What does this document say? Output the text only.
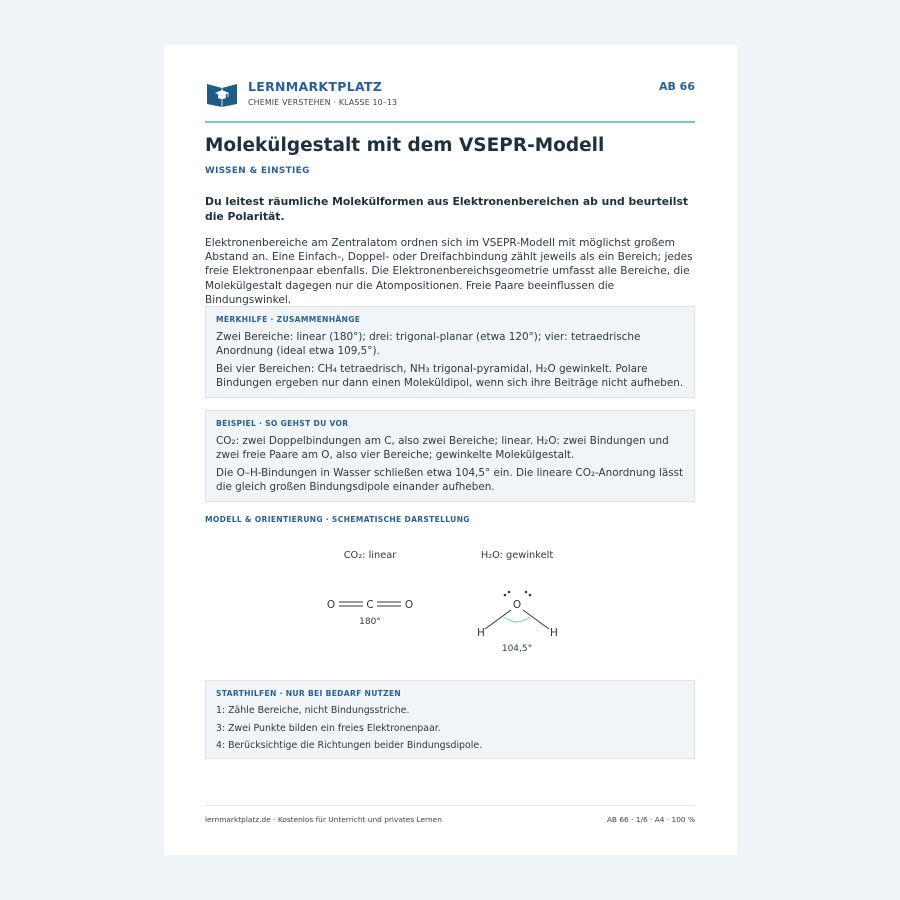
LERNMARKTPLATZ
CHEMIE VERSTEHEN · KLASSE 10–13
AB 66
Molekülgestalt mit dem VSEPR-Modell
WISSEN & EINSTIEG
Du leitest räumliche Molekülformen aus Elektronenbereichen ab und beurteilst die Polarität.
Elektronenbereiche am Zentralatom ordnen sich im VSEPR-Modell mit möglichst großem Abstand an. Eine Einfach-, Doppel- oder Dreifachbindung zählt jeweils als ein Bereich; jedes freie Elektronenpaar ebenfalls. Die Elektronenbereichsgeometrie umfasst alle Bereiche, die Molekülgestalt dagegen nur die Atompositionen. Freie Paare beeinflussen die Bindungswinkel.
MERKHILFE · ZUSAMMENHÄNGE

Zwei Bereiche: linear (180°); drei: trigonal-planar (etwa 120°); vier: tetraedrische Anordnung (ideal etwa 109,5°).

Bei vier Bereichen: CH₄ tetraedrisch, NH₃ trigonal-pyramidal, H₂O gewinkelt. Polare Bindungen ergeben nur dann einen Moleküldipol, wenn sich ihre Beiträge nicht aufheben.

BEISPIEL · SO GEHST DU VOR

CO₂: zwei Doppelbindungen am C, also zwei Bereiche; linear. H₂O: zwei Bindungen und zwei freie Paare am O, also vier Bereiche; gewinkelte Molekülgestalt.

Die O–H-Bindungen in Wasser schließen etwa 104,5° ein. Die lineare CO₂-Anordnung lässt die gleich großen Bindungsdipole einander aufheben.

MODELL & ORIENTIERUNG · SCHEMATISCHE DARSTELLUNG
CO₂: linear
O	C	O
180°
H₂O: gewinkelt
O
H	H
104,5°
STARTHILFEN · NUR BEI BEDARF NUTZEN

1: Zähle Bereiche, nicht Bindungsstriche.

3: Zwei Punkte bilden ein freies Elektronenpaar.

4: Berücksichtige die Richtungen beider Bindungsdipole.

lernmarktplatz.de · Kostenlos für Unterricht und privates Lernen	AB 66 · 1/6 · A4 · 100 %
